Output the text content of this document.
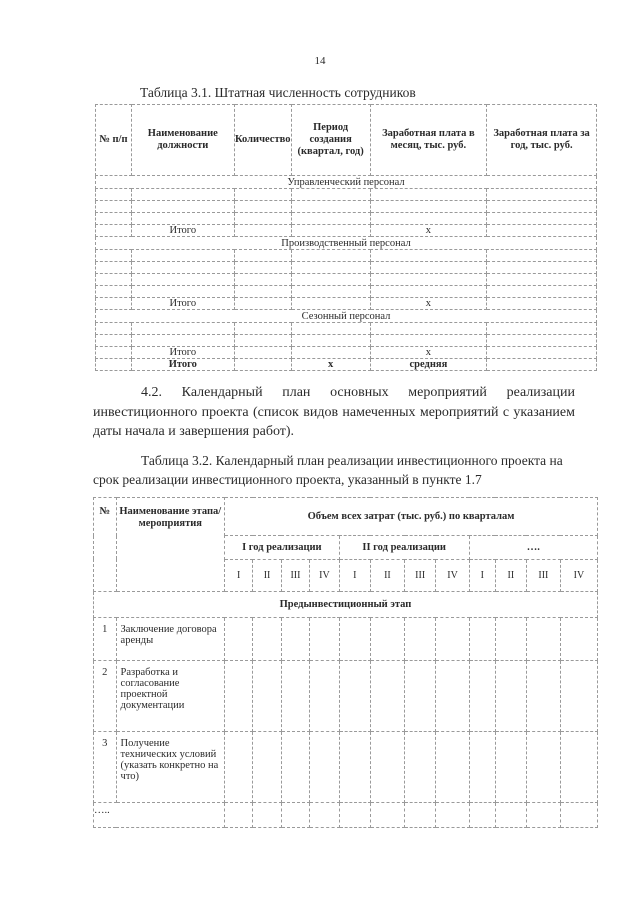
14
Таблица 3.1. Штатная численность сотрудников
№ п/п	Наименование должности	Количество	Период создания (квартал, год)	Заработная плата в месяц, тыс. руб.	Заработная плата за год, тыс. руб.
Управленческий персонал					

	Итого			х	
Производственный персонал					

	Итого			х	
Сезонный персонал					

	Итого			х	
	Итого		х	средняя	
4.2. Календарный план основных мероприятий реализации инвестиционного проекта (список видов намеченных мероприятий с указанием даты начала и завершения работ).
Таблица 3.2. Календарный план реализации инвестиционного проекта на срок реализации инвестиционного проекта, указанный в пункте 1.7
№	Наименование этапа/мероприятия	Объем всех затрат (тыс. руб.) по кварталам											
		I год реализации				II год реализации				….			
		I	II	III	IV	I	II	III	IV	I	II	III	IV
Предынвестиционный этап													
1	Заключение договора аренды												
2	Разработка и согласование проектной документации												
3	Получение технических условий (указать конкретно на что)												
…..													
